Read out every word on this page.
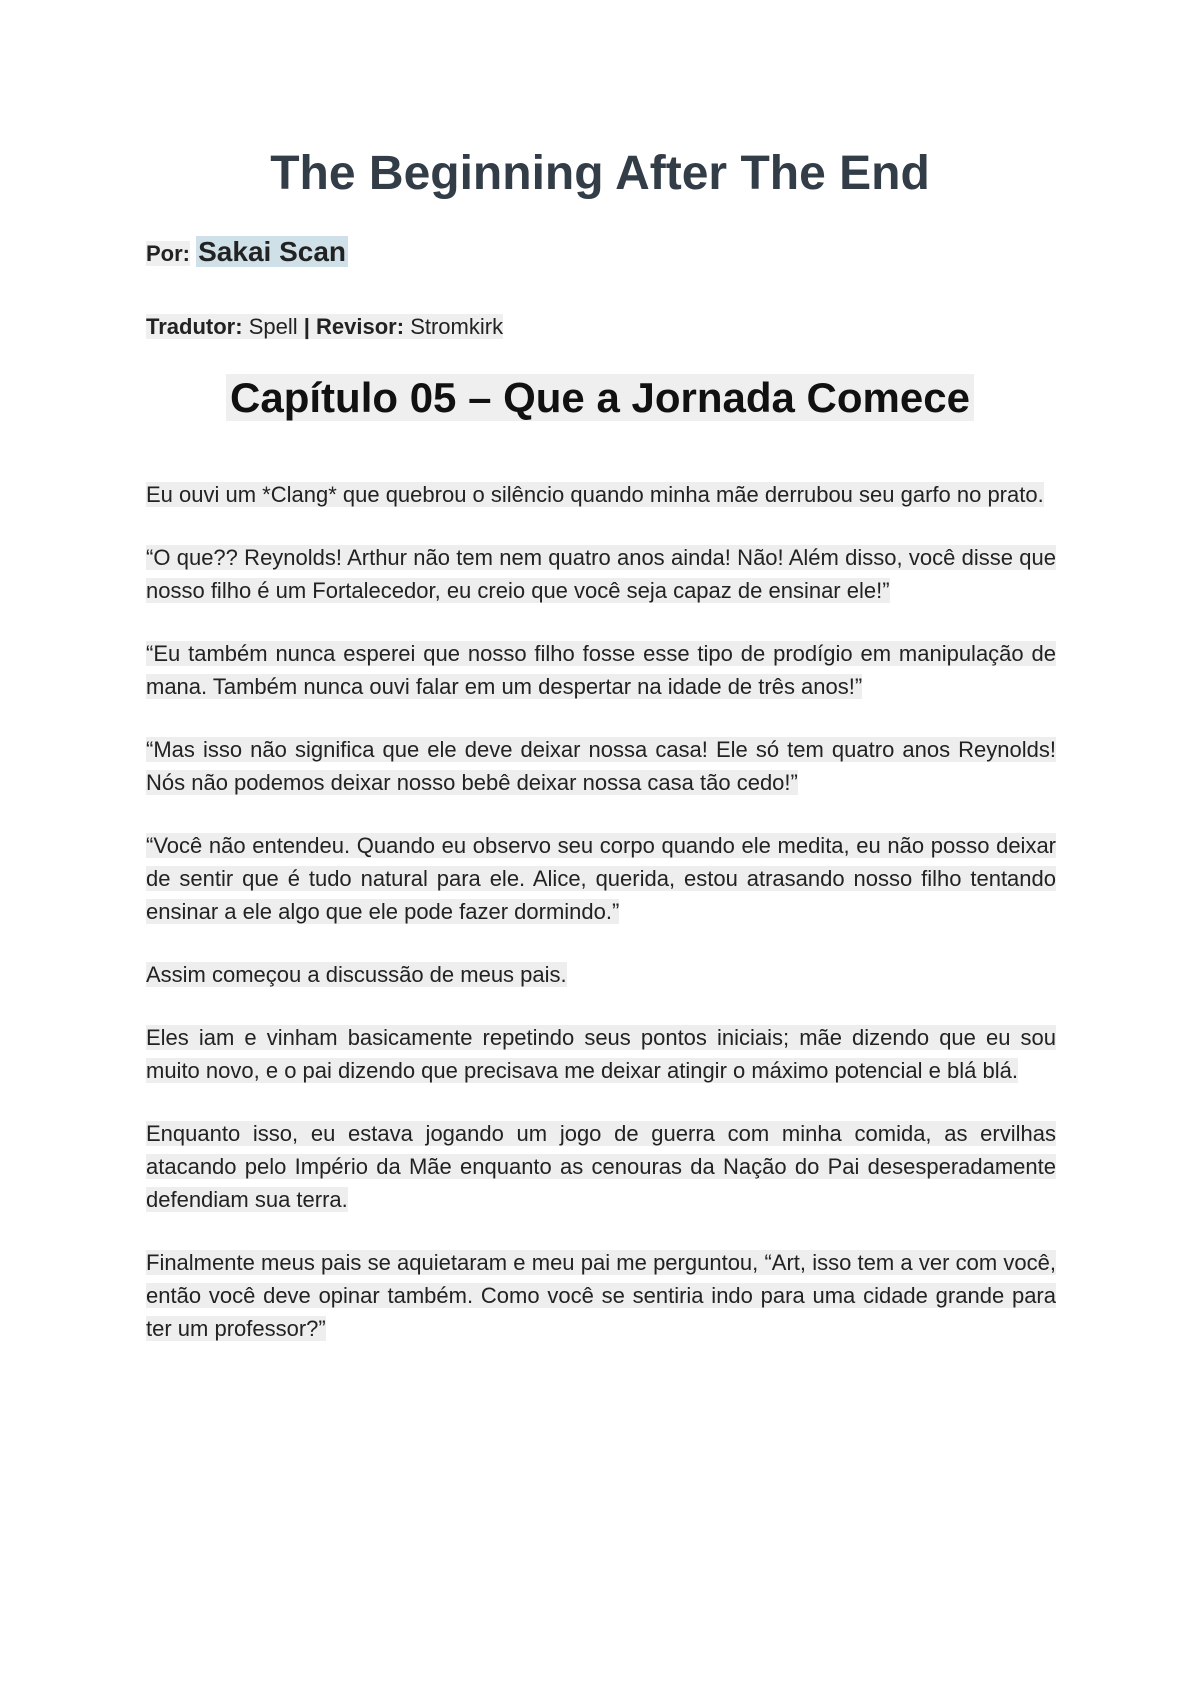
The Beginning After The End

Por: Sakai Scan

Tradutor: Spell | Revisor: Stromkirk

Capítulo 05 – Que a Jornada Comece

Eu ouvi um *Clang* que quebrou o silêncio quando minha mãe derrubou seu garfo no prato.

“O que?? Reynolds! Arthur não tem nem quatro anos ainda! Não! Além disso, você disse que nosso filho é um Fortalecedor, eu creio que você seja capaz de ensinar ele!”

“Eu também nunca esperei que nosso filho fosse esse tipo de prodígio em manipulação de mana. Também nunca ouvi falar em um despertar na idade de três anos!”

“Mas isso não significa que ele deve deixar nossa casa! Ele só tem quatro anos Reynolds! Nós não podemos deixar nosso bebê deixar nossa casa tão cedo!”

“Você não entendeu. Quando eu observo seu corpo quando ele medita, eu não posso deixar de sentir que é tudo natural para ele. Alice, querida, estou atrasando nosso filho tentando ensinar a ele algo que ele pode fazer dormindo.”

Assim começou a discussão de meus pais.

Eles iam e vinham basicamente repetindo seus pontos iniciais; mãe dizendo que eu sou muito novo, e o pai dizendo que precisava me deixar atingir o máximo potencial e blá blá.

Enquanto isso, eu estava jogando um jogo de guerra com minha comida, as ervilhas atacando pelo Império da Mãe enquanto as cenouras da Nação do Pai desesperadamente defendiam sua terra.

Finalmente meus pais se aquietaram e meu pai me perguntou, “Art, isso tem a ver com você, então você deve opinar também. Como você se sentiria indo para uma cidade grande para ter um professor?”
